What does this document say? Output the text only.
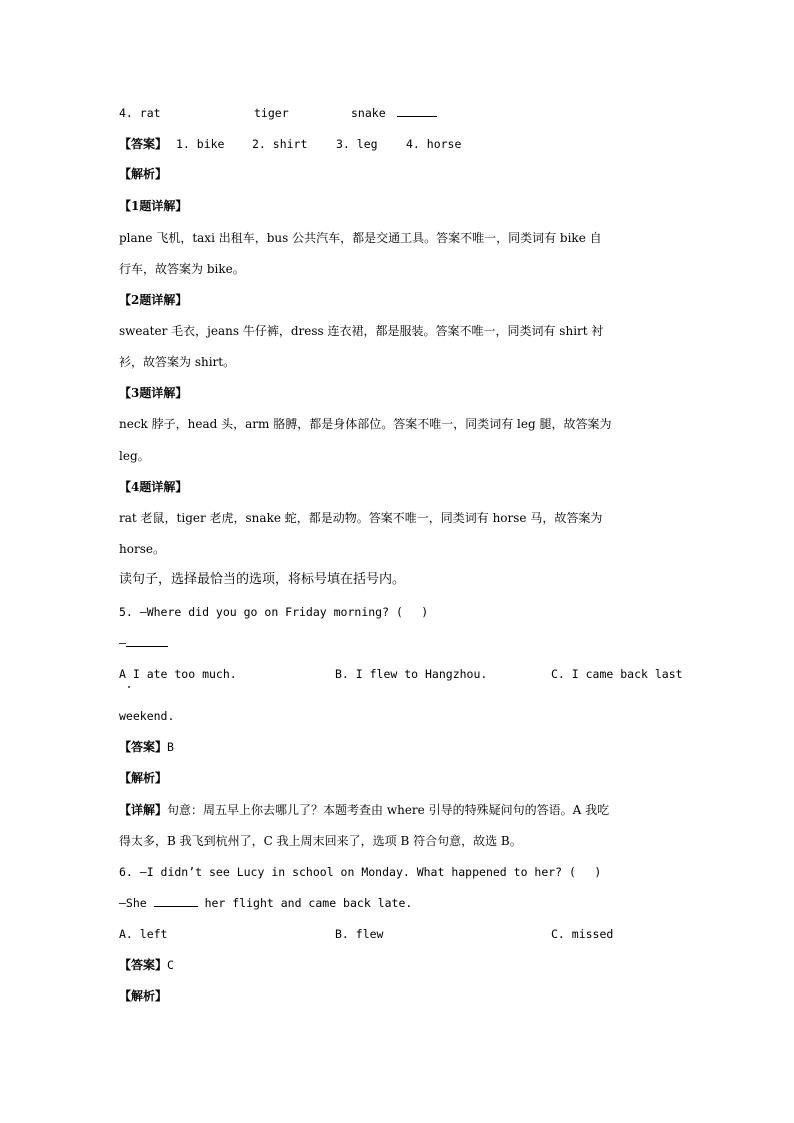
4. rat	tiger	snake
【答案】 1. bike 2. shirt 3. leg 4. horse
【解析】
【1题详解】
plane 飞机，taxi 出租车，bus 公共汽车，都是交通工具。答案不唯一，同类词有 bike 自
行车，故答案为 bike。
【2题详解】
sweater 毛衣，jeans 牛仔裤，dress 连衣裙，都是服装。答案不唯一，同类词有 shirt 衬
衫，故答案为 shirt。
【3题详解】
neck 脖子，head 头，arm 胳膊，都是身体部位。答案不唯一，同类词有 leg 腿，故答案为
leg。
【4题详解】
rat 老鼠，tiger 老虎，snake 蛇，都是动物。答案不唯一，同类词有 horse 马，故答案为
horse。
读句子，选择最恰当的选项，将标号填在括号内。
5. —Where did you go on Friday morning? (　 )
—
A I ate too much.	B. I flew to Hangzhou.	C. I came back last
weekend.
【答案】B
【解析】
【详解】句意：周五早上你去哪儿了？本题考查由 where 引导的特殊疑问句的答语。A 我吃
得太多，B 我飞到杭州了，C 我上周末回来了，选项 B 符合句意，故选 B。
6. —I didn’t see Lucy in school on Monday. What happened to her? (　 )
—She	her flight and came back late.
A. left	B. flew	C. missed
【答案】C
【解析】
